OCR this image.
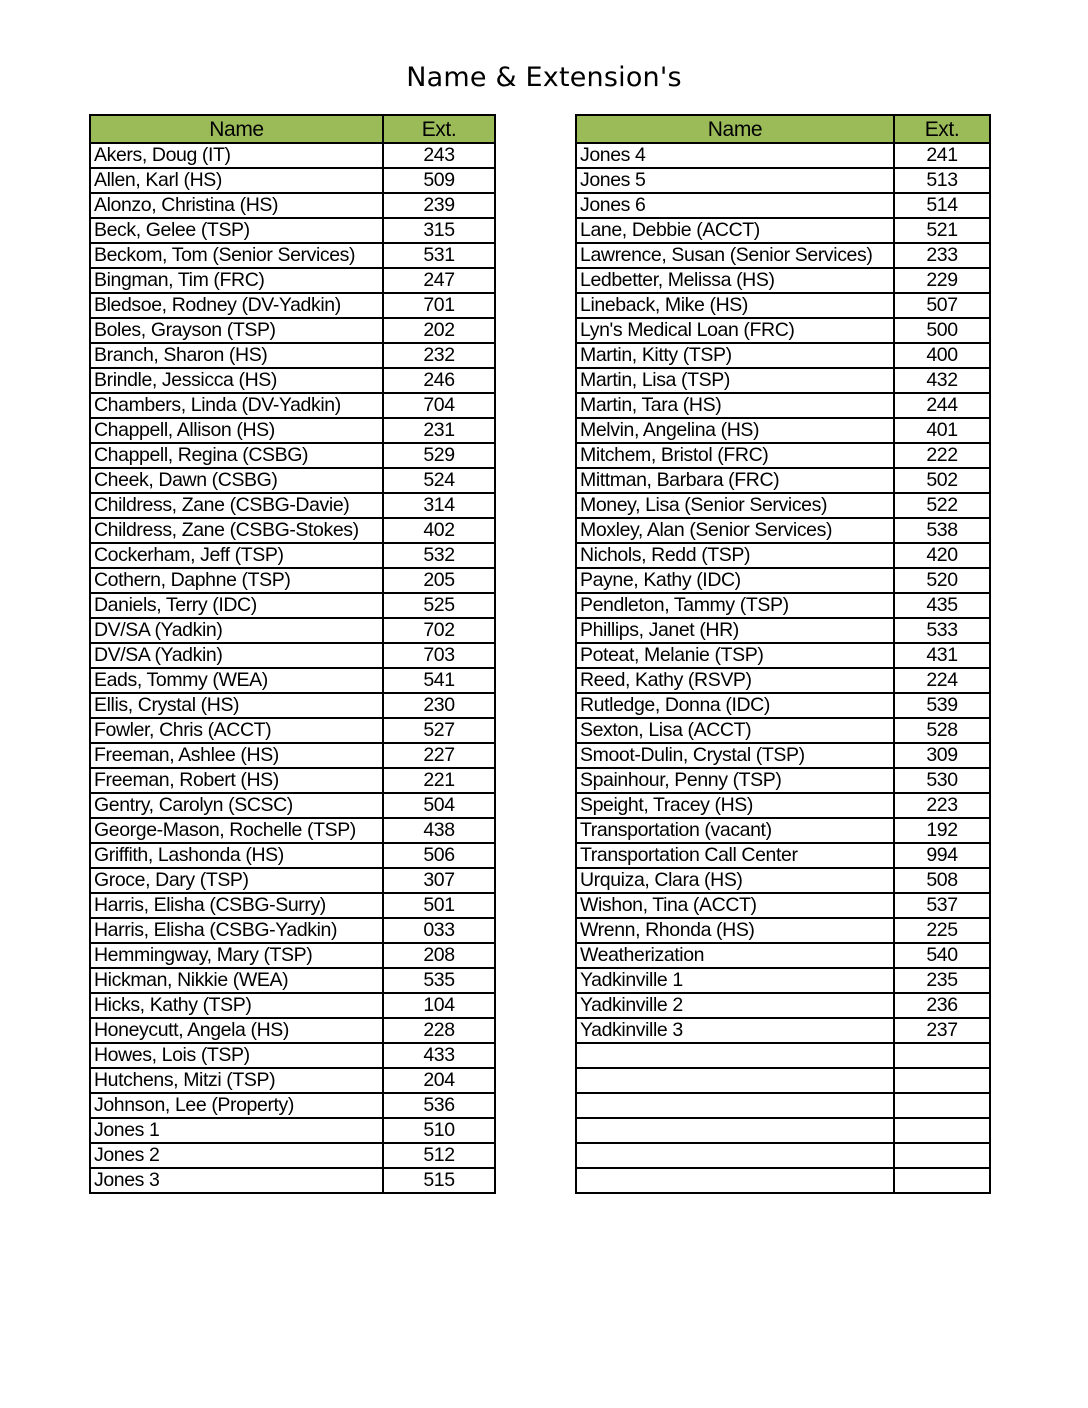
Name & Extension's
Name	Ext.
Akers, Doug (IT)	243
Allen, Karl (HS)	509
Alonzo, Christina (HS)	239
Beck, Gelee (TSP)	315
Beckom, Tom (Senior Services)	531
Bingman, Tim (FRC)	247
Bledsoe, Rodney (DV-Yadkin)	701
Boles, Grayson (TSP)	202
Branch, Sharon (HS)	232
Brindle, Jessicca (HS)	246
Chambers, Linda (DV-Yadkin)	704
Chappell, Allison (HS)	231
Chappell, Regina (CSBG)	529
Cheek, Dawn (CSBG)	524
Childress, Zane (CSBG-Davie)	314
Childress, Zane (CSBG-Stokes)	402
Cockerham, Jeff (TSP)	532
Cothern, Daphne (TSP)	205
Daniels, Terry (IDC)	525
DV/SA (Yadkin)	702
DV/SA (Yadkin)	703
Eads, Tommy (WEA)	541
Ellis, Crystal (HS)	230
Fowler, Chris (ACCT)	527
Freeman, Ashlee (HS)	227
Freeman, Robert (HS)	221
Gentry, Carolyn (SCSC)	504
George-Mason, Rochelle (TSP)	438
Griffith, Lashonda (HS)	506
Groce, Dary (TSP)	307
Harris, Elisha (CSBG-Surry)	501
Harris, Elisha (CSBG-Yadkin)	033
Hemmingway, Mary (TSP)	208
Hickman, Nikkie (WEA)	535
Hicks, Kathy (TSP)	104
Honeycutt, Angela (HS)	228
Howes, Lois (TSP)	433
Hutchens, Mitzi (TSP)	204
Johnson, Lee (Property)	536
Jones 1	510
Jones 2	512
Jones 3	515
Name	Ext.
Jones 4	241
Jones 5	513
Jones 6	514
Lane, Debbie (ACCT)	521
Lawrence, Susan (Senior Services)	233
Ledbetter, Melissa (HS)	229
Lineback, Mike (HS)	507
Lyn's Medical Loan (FRC)	500
Martin, Kitty (TSP)	400
Martin, Lisa (TSP)	432
Martin, Tara (HS)	244
Melvin, Angelina (HS)	401
Mitchem, Bristol (FRC)	222
Mittman, Barbara (FRC)	502
Money, Lisa (Senior Services)	522
Moxley, Alan (Senior Services)	538
Nichols, Redd (TSP)	420
Payne, Kathy (IDC)	520
Pendleton, Tammy (TSP)	435
Phillips, Janet (HR)	533
Poteat, Melanie (TSP)	431
Reed, Kathy (RSVP)	224
Rutledge, Donna (IDC)	539
Sexton, Lisa (ACCT)	528
Smoot-Dulin, Crystal (TSP)	309
Spainhour, Penny (TSP)	530
Speight, Tracey (HS)	223
Transportation (vacant)	192
Transportation Call Center	994
Urquiza, Clara (HS)	508
Wishon, Tina (ACCT)	537
Wrenn, Rhonda (HS)	225
Weatherization	540
Yadkinville 1	235
Yadkinville 2	236
Yadkinville 3	237
